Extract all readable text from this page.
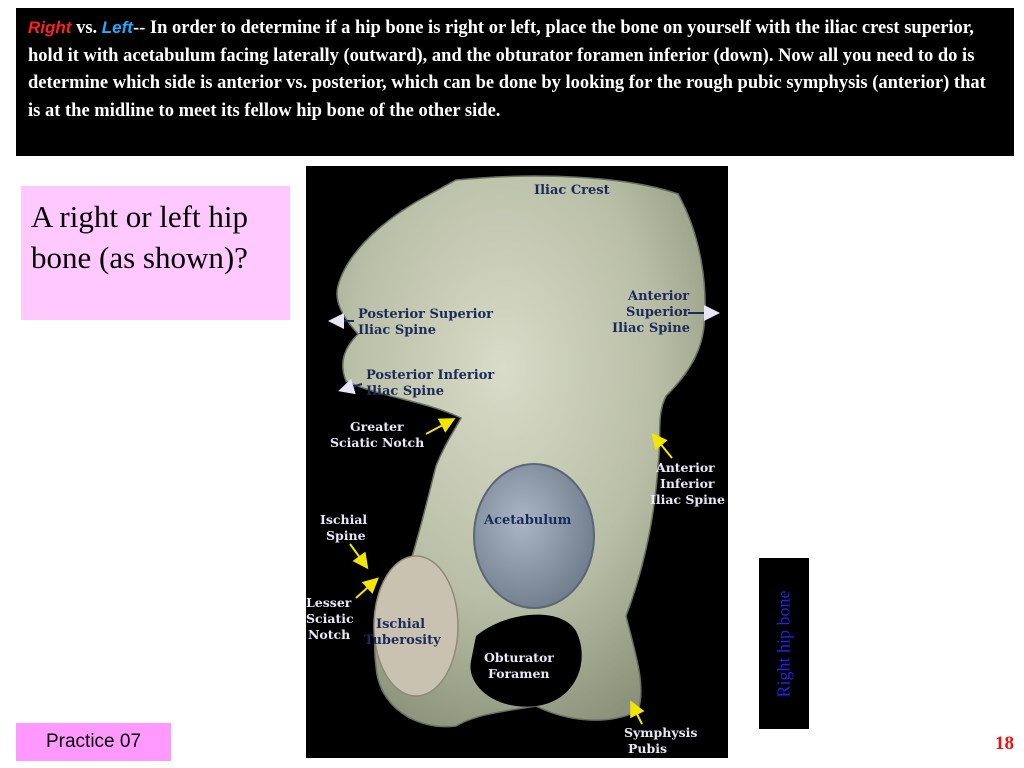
Right vs. Left-- In order to determine if a hip bone is right or left, place the bone on yourself with the iliac crest superior, hold it with acetabulum facing laterally (outward), and the obturator foramen inferior (down). Now all you need to do is determine which side is anterior vs. posterior, which can be done by looking for the rough pubic symphysis (anterior) that is at the midline to meet its fellow hip bone of the other side.
A right or left hip bone (as shown)?
Iliac Crest
Posterior Superior
Iliac Spine
Anterior
Superior
Iliac Spine
Posterior Inferior
Iliac Spine
Greater
Sciatic Notch
Anterior
Inferior
Iliac Spine
Acetabulum
Ischial
Spine
Lesser
Sciatic
Notch
Ischial
Tuberosity
Obturator
Foramen
Symphysis
Pubis
Right hip bone
Practice 07	18
